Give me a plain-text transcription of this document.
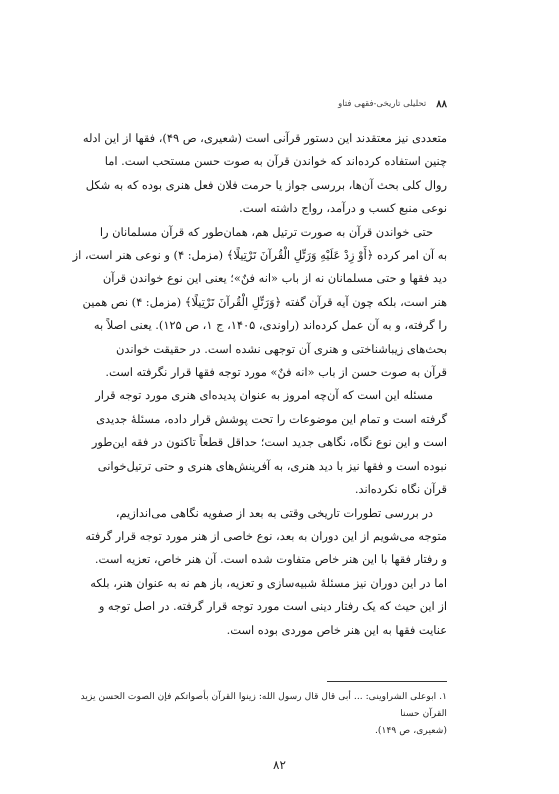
۸۸
تحلیلی تاریخی-فقهی فتاو
متعددی نیز معتقدند این دستور قرآنی است (شعیری، ص ۴۹)، فقها از این ادله
چنین استفاده کرده‌اند که خواندن قرآن به صوت حسن مستحب است. اما
روال کلی بحث آن‌ها، بررسی جواز یا حرمت فلان فعل هنری بوده که به شکل
نوعی منبع کسب و درآمد، رواج داشته است.
حتی خواندن قرآن به صورت ترتیل هم، همان‌طور که قرآن مسلمانان را
به آن امر کرده ﴿أَوْ زِدْ عَلَیْهِ وَرَتِّلِ الْقُرآنَ تَرْتِیلًا﴾ (مزمل: ۴) و نوعی هنر است، از
دید فقها و حتی مسلمانان نه از باب «انه فنٌ»؛ یعنی این نوع خواندن قرآن
هنر است، بلکه چون آیه قرآن گفته ﴿وَرَتِّلِ الْقُرآنَ تَرْتِیلًا﴾ (مزمل: ۴) نص همین
را گرفته، و به آن عمل کرده‌اند (راوندی، ۱۴۰۵، ج ۱، ص ۱۲۵). یعنی اصلاً به
بحث‌های زیباشناختی و هنری آن توجهی نشده است. در حقیقت خواندن
قرآن به صوت حسن از باب «انه فنٌ» مورد توجه فقها قرار نگرفته است.
مسئله این است که آن‌چه امروز به عنوان پدیده‌ای هنری مورد توجه قرار
گرفته است و تمام این موضوعات را تحت پوشش قرار داده، مسئلهٔ جدیدی
است و این نوع نگاه، نگاهی جدید است؛ حداقل قطعاً تاکنون در فقه این‌طور
نبوده است و فقها نیز با دید هنری، به آفرینش‌های هنری و حتی ترتیل‌خوانی
قرآن نگاه نکرده‌اند.
در بررسی تطورات تاریخی وقتی به بعد از صفویه نگاهی می‌اندازیم،
متوجه می‌شویم از این دوران به بعد، نوع خاصی از هنر مورد توجه قرار گرفته
و رفتار فقها با این هنر خاص متفاوت شده است. آن هنر خاص، تعزیه است.
اما در این دوران نیز مسئلهٔ شبیه‌سازی و تعزیه، باز هم نه به عنوان هنر، بلکه
از این حیث که یک رفتار دینی است مورد توجه قرار گرفته. در اصل توجه و
عنایت فقها به این هنر خاص موردی بوده است.
۱. ابوعلی الشراوینی: ... أبی قال قال رسول الله: زینوا القرآن بأصواتکم فإن الصوت الحسن یزید القرآن حسنا
(شعیری، ص ۱۴۹).
۸۲
